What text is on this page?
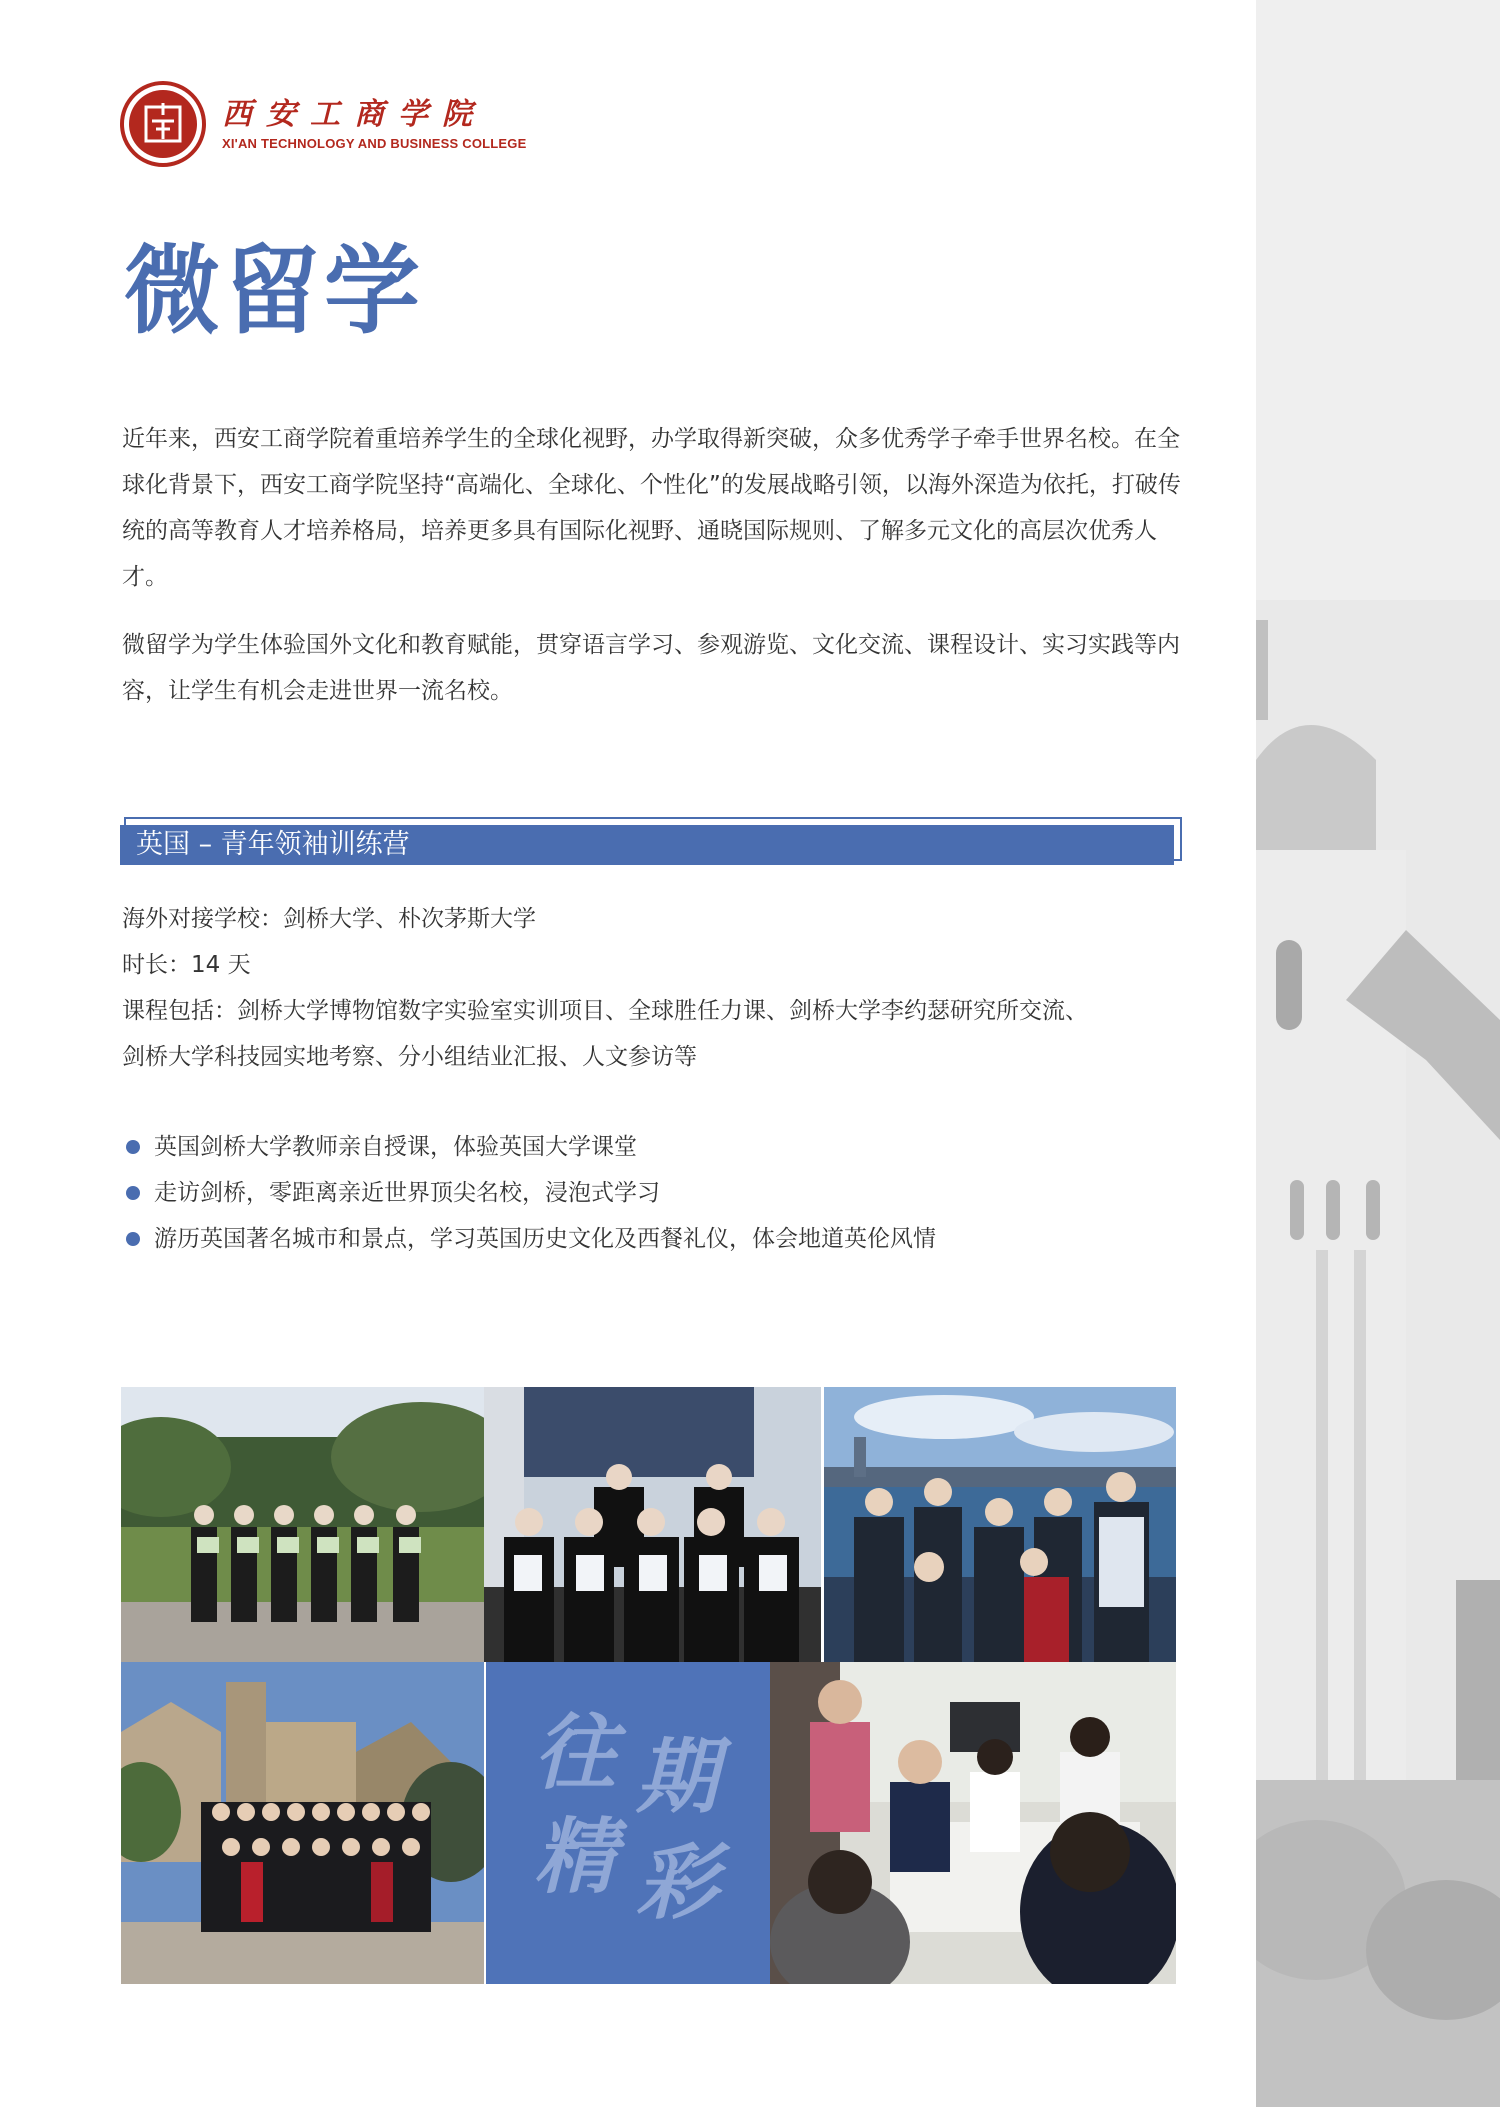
西安工商学院
XI'AN TECHNOLOGY AND BUSINESS COLLEGE
微留学

近年来，西安工商学院着重培养学生的全球化视野，办学取得新突破，众多优秀学子牵手世界名校。在全球化背景下，西安工商学院坚持“高端化、全球化、个性化”的发展战略引领，以海外深造为依托，打破传统的高等教育人才培养格局，培养更多具有国际化视野、通晓国际规则、了解多元文化的高层次优秀人才。

微留学为学生体验国外文化和教育赋能，贯穿语言学习、参观游览、文化交流、课程设计、实习实践等内容，让学生有机会走进世界一流名校。

英国 – 青年领袖训练营
海外对接学校：剑桥大学、朴次茅斯大学
时长：14 天
课程包括：剑桥大学博物馆数字实验室实训项目、全球胜任力课、剑桥大学李约瑟研究所交流、
剑桥大学科技园实地考察、分小组结业汇报、人文参访等
英国剑桥大学教师亲自授课，体验英国大学课堂
走访剑桥，零距离亲近世界顶尖名校，浸泡式学习
游历英国著名城市和景点，学习英国历史文化及西餐礼仪，体会地道英伦风情
往 期
精 彩
